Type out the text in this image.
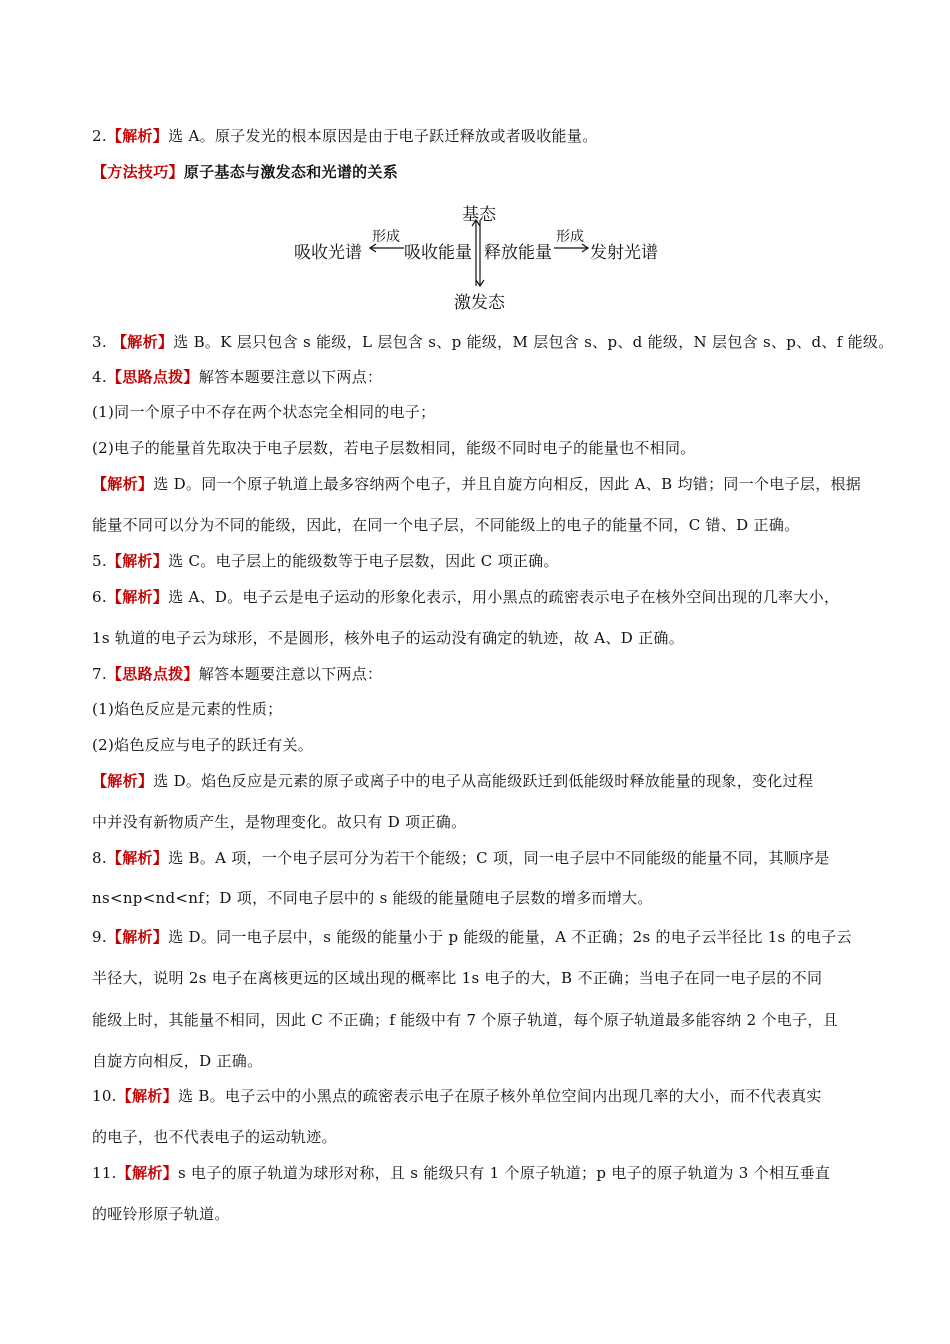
2.【解析】选 A。原子发光的根本原因是由于电子跃迁释放或者吸收能量。
【方法技巧】原子基态与激发态和光谱的关系
基态
吸收光谱
形成
吸收能量 释放能量
形成
发射光谱
激发态
3. 【解析】选 B。K 层只包含 s 能级，L 层包含 s、p 能级，M 层包含 s、p、d 能级，N 层包含 s、p、d、f 能级。
4.【思路点拨】解答本题要注意以下两点：
(1)同一个原子中不存在两个状态完全相同的电子；
(2)电子的能量首先取决于电子层数，若电子层数相同，能级不同时电子的能量也不相同。
【解析】选 D。同一个原子轨道上最多容纳两个电子，并且自旋方向相反，因此 A、B 均错；同一个电子层，根据
能量不同可以分为不同的能级，因此，在同一个电子层，不同能级上的电子的能量不同，C 错、D 正确。
5.【解析】选 C。电子层上的能级数等于电子层数，因此 C 项正确。
6.【解析】选 A、D。电子云是电子运动的形象化表示，用小黑点的疏密表示电子在核外空间出现的几率大小，
1s 轨道的电子云为球形，不是圆形，核外电子的运动没有确定的轨迹，故 A、D 正确。
7.【思路点拨】解答本题要注意以下两点：
(1)焰色反应是元素的性质；
(2)焰色反应与电子的跃迁有关。
【解析】选 D。焰色反应是元素的原子或离子中的电子从高能级跃迁到低能级时释放能量的现象，变化过程
中并没有新物质产生，是物理变化。故只有 D 项正确。
8.【解析】选 B。A 项，一个电子层可分为若干个能级；C 项，同一电子层中不同能级的能量不同，其顺序是
ns<np<nd<nf；D 项，不同电子层中的 s 能级的能量随电子层数的增多而增大。
9.【解析】选 D。同一电子层中，s 能级的能量小于 p 能级的能量，A 不正确；2s 的电子云半径比 1s 的电子云
半径大，说明 2s 电子在离核更远的区域出现的概率比 1s 电子的大，B 不正确；当电子在同一电子层的不同
能级上时，其能量不相同，因此 C 不正确；f 能级中有 7 个原子轨道，每个原子轨道最多能容纳 2 个电子，且
自旋方向相反，D 正确。
10.【解析】选 B。电子云中的小黑点的疏密表示电子在原子核外单位空间内出现几率的大小，而不代表真实
的电子，也不代表电子的运动轨迹。
11.【解析】s 电子的原子轨道为球形对称，且 s 能级只有 1 个原子轨道；p 电子的原子轨道为 3 个相互垂直
的哑铃形原子轨道。
